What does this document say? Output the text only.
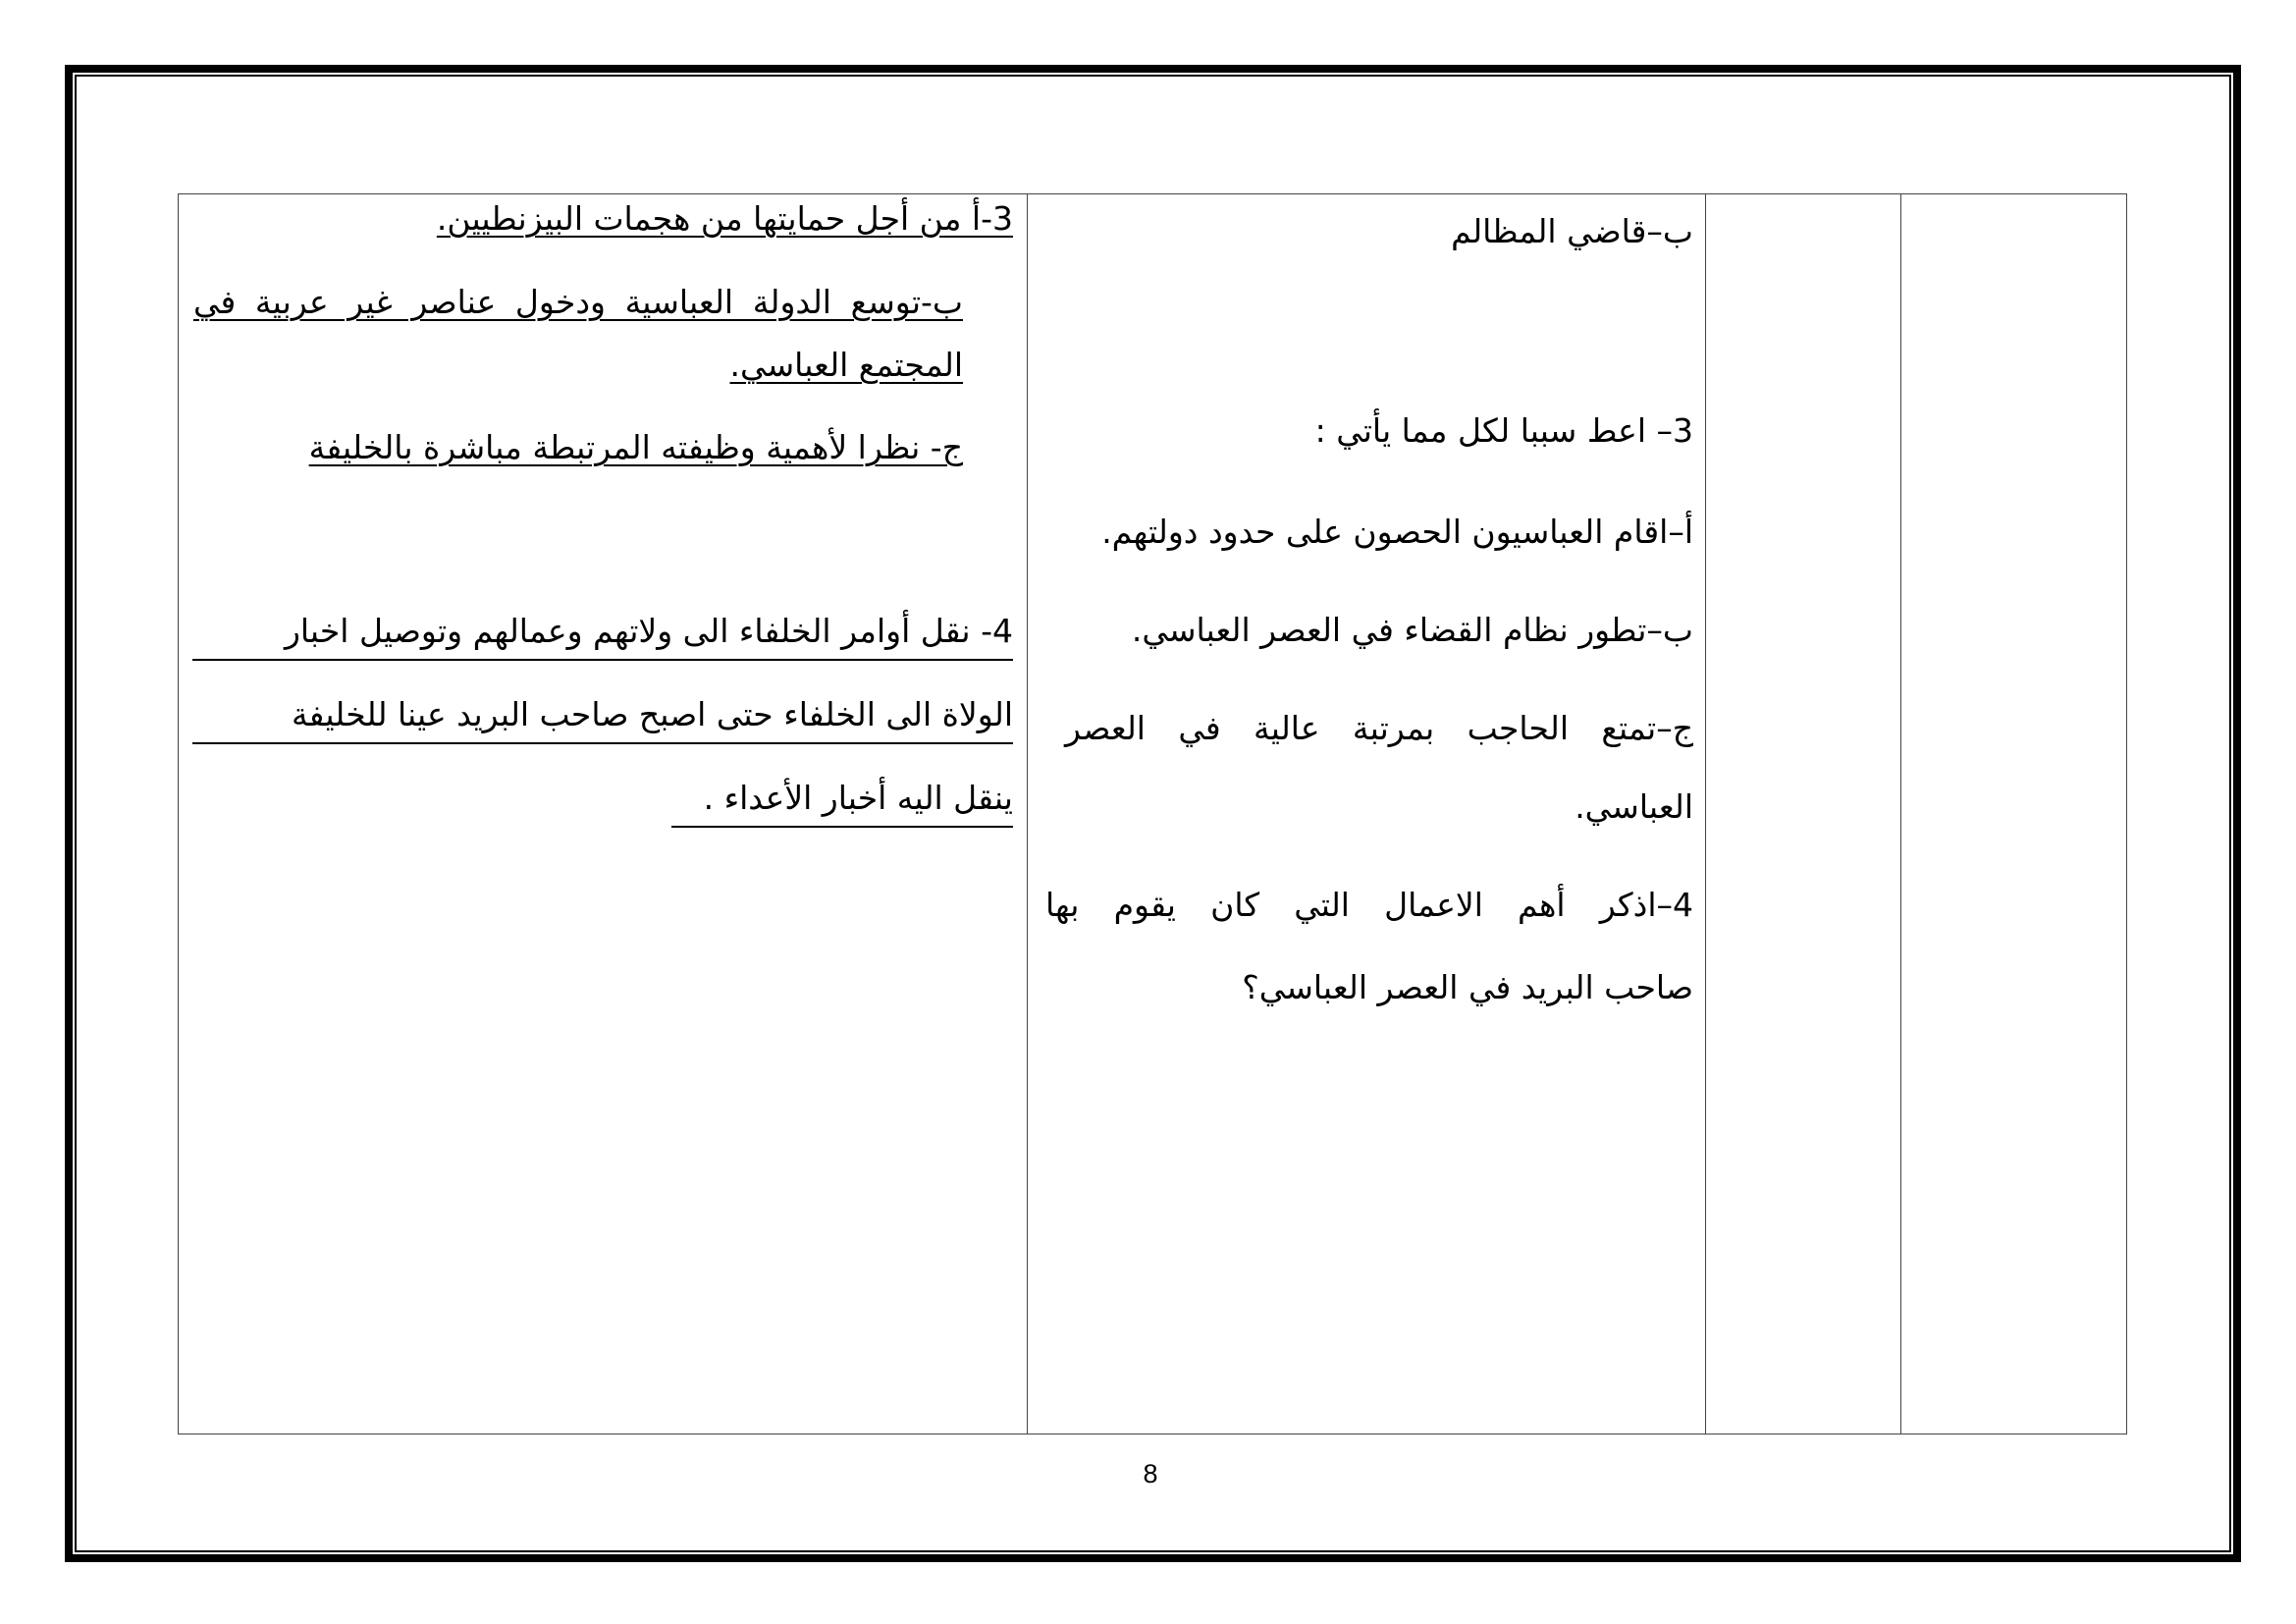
3-أ من أجل حمايتها من هجمات البيزنطيين.
ب-توسع الدولة العباسية ودخول عناصر غير عربية في
المجتمع العباسي.
ج- نظرا لأهمية وظيفته المرتبطة مباشرة بالخليفة
4- نقل أوامر الخلفاء الى ولاتهم وعمالهم وتوصيل اخبار
الولاة الى الخلفاء حتى اصبح صاحب البريد عينا للخليفة
ينقل اليه أخبار الأعداء .

ب–قاضي المظالم
3– اعط سببا لكل مما يأتي :
أ–اقام العباسيون الحصون على حدود دولتهم.
ب–تطور نظام القضاء في العصر العباسي.
ج–تمتع الحاجب بمرتبة عالية في العصر
العباسي.
4–اذكر أهم الاعمال التي كان يقوم بها
صاحب البريد في العصر العباسي؟

8
